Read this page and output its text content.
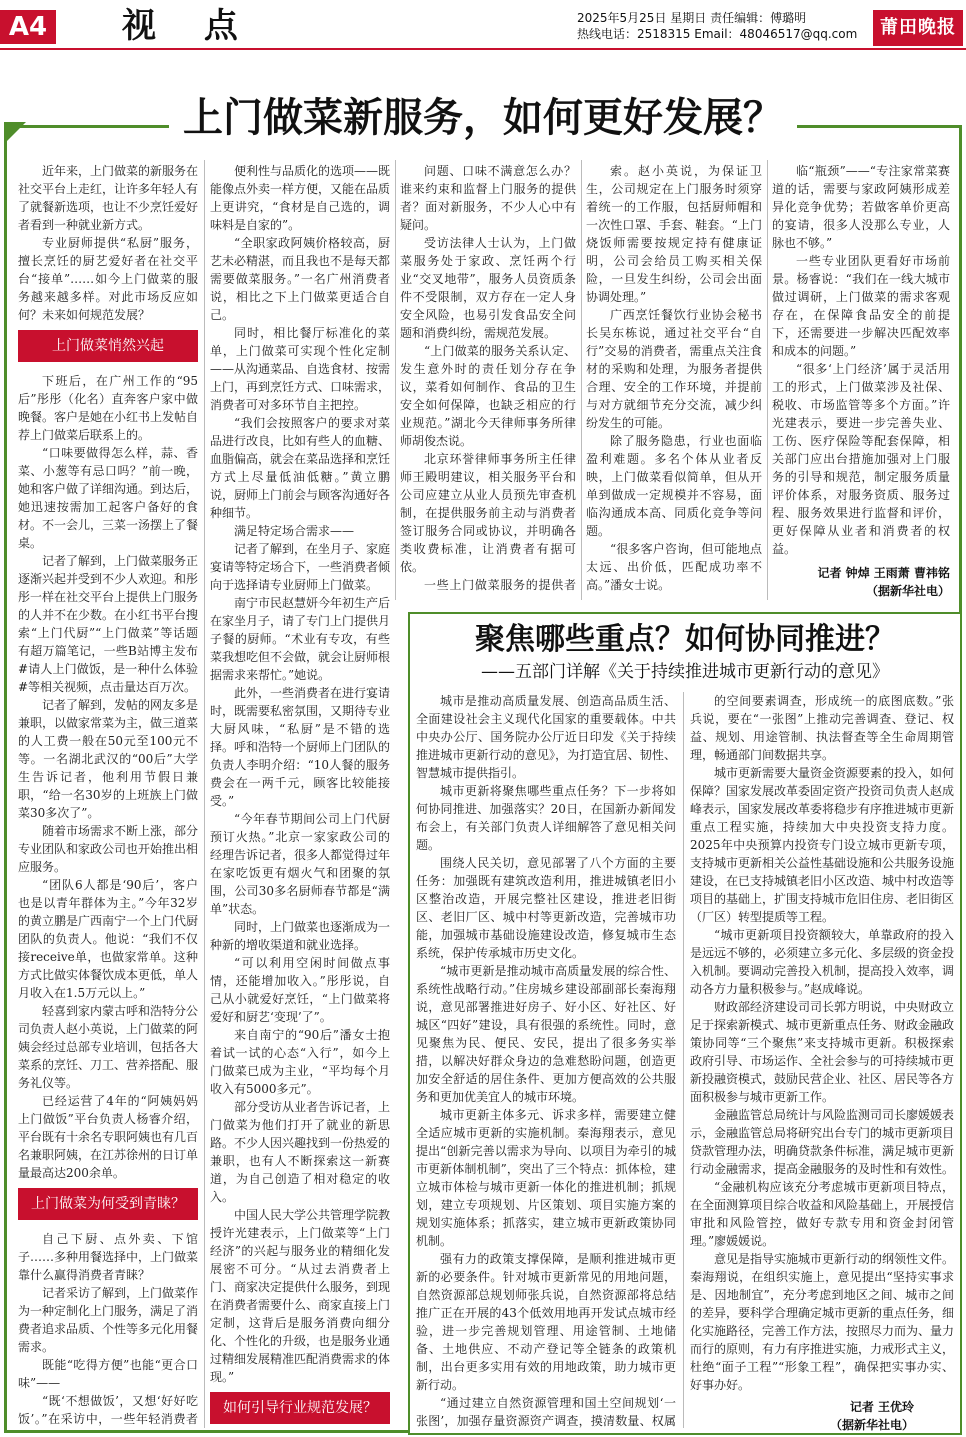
A4 视 点	2025年5月25日 星期日 责任编辑：傅璐明
热线电话：2518315 Email：48046517@qq.com	莆田晚报
上门做菜新服务，如何更好发展？

近年来，上门做菜的新服务在社交平台上走红，让许多年轻人有了就餐新选项，也让不少烹饪爱好者看到一种就业新方式。

专业厨师提供“私厨”服务，擅长烹饪的厨艺爱好者在社交平台“接单”……如今上门做菜的服务越来越多样。对此市场反应如何？未来如何规范发展？

上门做菜悄然兴起

下班后，在广州工作的“95后”彤彤（化名）直奔客户家中做晚餐。客户是她在小红书上发帖自荐上门做菜后联系上的。

“口味要做得怎么样，蒜、香菜、小葱等有忌口吗？”前一晚，她和客户做了详细沟通。到达后，她迅速按需加工起客户备好的食材。不一会儿，三菜一汤摆上了餐桌。

记者了解到，上门做菜服务正逐渐兴起并受到不少人欢迎。和彤彤一样在社交平台上提供上门服务的人并不在少数。在小红书平台搜索“上门代厨”“上门做菜”等话题有超万篇笔记，一些B站博主发布#请人上门做饭，是一种什么体验#等相关视频，点击量达百万次。

记者了解到，发帖的网友多是兼职，以做家常菜为主，做三道菜的人工费一般在50元至100元不等。一名湖北武汉的“00后”大学生告诉记者，他利用节假日兼职，“给一名30岁的上班族上门做菜30多次了”。

随着市场需求不断上涨，部分专业团队和家政公司也开始推出相应服务。

“团队6人都是‘90后’，客户也是以青年群体为主。”今年32岁的黄立鹏是广西南宁一个上门代厨团队的负责人。他说：“我们不仅接receive单，也做家常单。这种方式比做实体餐饮成本更低，单人月收入在1.5万元以上。”

轻喜到家内蒙古呼和浩特分公司负责人赵小英说，上门做菜的阿姨会经过总部专业培训，包括各大菜系的烹饪、刀工、营养搭配、服务礼仪等。

已经运营了4年的“阿姨妈妈上门做饭”平台负责人杨睿介绍，平台既有十余名专职阿姨也有几百名兼职阿姨，在江苏徐州的日订单量最高达200余单。

上门做菜为何受到青睐？

自己下厨、点外卖、下馆子……多种用餐选择中，上门做菜靠什么赢得消费者青睐？

记者采访了解到，上门做菜作为一种定制化上门服务，满足了消费者追求品质、个性等多元化用餐需求。

既能“吃得方便”也能“更合口味”——

“既‘不想做饭’，又想‘好好吃饭’。”在采访中，一些年轻消费者

便利性与品质化的选项——既能像点外卖一样方便，又能在品质上更讲究，“食材是自己选的，调味料是自家的”。

“全职家政阿姨价格较高，厨艺未必精湛，而且我也不是每天都需要做菜服务。”一名广州消费者说，相比之下上门做菜更适合自己。

同时，相比餐厅标准化的菜单，上门做菜可实现个性化定制——从沟通菜品、自选食材、按需上门，再到烹饪方式、口味需求，消费者可对多环节自主把控。

“我们会按照客户的要求对菜品进行改良，比如有些人的血糖、血脂偏高，就会在菜品选择和烹饪方式上尽量低油低糖。”黄立鹏说，厨师上门前会与顾客沟通好各种细节。

满足特定场合需求——

记者了解到，在坐月子、家庭宴请等特定场合下，一些消费者倾向于选择请专业厨师上门做菜。

南宁市民赵慧妍今年初生产后在家坐月子，请了专门上门提供月子餐的厨师。“术业有专攻，有些菜我想吃但不会做，就会让厨师根据需求来帮忙。”她说。

此外，一些消费者在进行宴请时，既需要私密氛围，又期待专业大厨风味，“私厨”是不错的选择。呼和浩特一个厨师上门团队的负责人李明介绍：“10人餐的服务费会在一两千元，顾客比较能接受。”

“今年春节期间公司上门代厨预订火热。”北京一家家政公司的经理告诉记者，很多人都觉得过年在家吃饭更有烟火气和团聚的氛围，公司30多名厨师春节都是“满单”状态。

同时，上门做菜也逐渐成为一种新的增收渠道和就业选择。

“可以利用空闲时间做点事情，还能增加收入。”彤彤说，自己从小就爱好烹饪，“上门做菜将爱好和厨艺‘变现’了”。

来自南宁的“90后”潘女士抱着试一试的心态“入行”，如今上门做菜已成为主业，“平均每个月收入有5000多元”。

部分受访从业者告诉记者，上门做菜为他们打开了就业的新思路。不少人因兴趣找到一份热爱的兼职，也有人不断探索这一新赛道，为自己创造了相对稳定的收入。

中国人民大学公共管理学院教授许光建表示，上门做菜等“上门经济”的兴起与服务业的精细化发展密不可分。“从过去消费者上门、商家决定提供什么服务，到现在消费者需要什么、商家直接上门定制，这背后是服务消费向细分化、个性化的升级，也是服务业通过精细发展精准匹配消费需求的体现。”

如何引导行业规范发展？

问题、口味不满意怎么办？谁来约束和监督上门服务的提供者？面对新服务，不少人心中有疑问。

受访法律人士认为，上门做菜服务处于家政、烹饪两个行业“交叉地带”，服务人员资质条件不受限制，双方存在一定人身安全风险，也易引发食品安全问题和消费纠纷，需规范发展。

“上门做菜的服务关系认定、发生意外时的责任划分存在争议，菜肴如何制作、食品的卫生安全如何保障，也缺乏相应的行业规范。”湖北今天律师事务所律师胡俊杰说。

北京环誉律师事务所主任律师王殿明建议，相关服务平台和公司应建立从业人员预先审查机制，在提供服务前主动与消费者签订服务合同或协议，并明确各类收费标准，让消费者有据可依。

一些上门做菜服务的提供者

索。赵小英说，为保证卫生，公司规定在上门服务时须穿着统一的工作服，包括厨师帽和一次性口罩、手套、鞋套。“上门烧饭师需要按规定持有健康证明，公司会给员工购买相关保险，一旦发生纠纷，公司会出面协调处理。”

广西烹饪餐饮行业协会秘书长吴东栋说，通过社交平台“自行”交易的消费者，需重点关注食材的采购和处理，为服务者提供合理、安全的工作环境，并提前与对方就细节充分交流，减少纠纷发生的可能。

除了服务隐患，行业也面临盈利难题。多名个体从业者反映，上门做菜看似简单，但从开单到做成一定规模并不容易，面临沟通成本高、同质化竞争等问题。

“很多客户咨询，但可能地点太远、出价低，匹配成功率不高。”潘女士说。

临“瓶颈”——“专注家常菜赛道的话，需要与家政阿姨形成差异化竞争优势；若做客单价更高的宴请，很多人没那么专业，人脉也不够。”

一些专业团队更看好市场前景。杨睿说：“我们在一线大城市做过调研，上门做菜的需求客观存在，在保障食品安全的前提下，还需要进一步解决匹配效率和成本的问题。”

“很多‘上门经济’属于灵活用工的形式，上门做菜涉及社保、税收、市场监管等多个方面。”许光建表示，要进一步完善失业、工伤、医疗保险等配套保障，相关部门应出台措施加强对上门服务的引导和规范，制定服务质量评价体系，对服务资质、服务过程、服务效果进行监督和评价，更好保障从业者和消费者的权益。

记者 钟焯 王雨萧 曹祎铭

（据新华社电）

聚焦哪些重点？如何协同推进？
——五部门详解《关于持续推进城市更新行动的意见》

城市是推动高质量发展、创造高品质生活、全面建设社会主义现代化国家的重要载体。中共中央办公厅、国务院办公厅近日印发《关于持续推进城市更新行动的意见》，为打造宜居、韧性、智慧城市提供指引。

城市更新将聚焦哪些重点任务？下一步将如何协同推进、加强落实？20日，在国新办新闻发布会上，有关部门负责人详细解答了意见相关问题。

围绕人民关切，意见部署了八个方面的主要任务：加强既有建筑改造利用，推进城镇老旧小区整治改造，开展完整社区建设，推进老旧街区、老旧厂区、城中村等更新改造，完善城市功能，加强城市基础设施建设改造，修复城市生态系统，保护传承城市历史文化。

“城市更新是推动城市高质量发展的综合性、系统性战略行动。”住房城乡建设部副部长秦海翔说，意见部署推进好房子、好小区、好社区、好城区“四好”建设，具有很强的系统性。同时，意见聚焦为民、便民、安民，提出了很多务实举措，以解决好群众身边的急难愁盼问题，创造更加安全舒适的居住条件、更加方便高效的公共服务和更加优美宜人的城市环境。

城市更新主体多元、诉求多样，需要建立健全适应城市更新的实施机制。秦海翔表示，意见提出“创新完善以需求为导向、以项目为牵引的城市更新体制机制”，突出了三个特点：抓体检，建立城市体检与城市更新一体化的推进机制；抓规划，建立专项规划、片区策划、项目实施方案的规划实施体系；抓落实，建立城市更新政策协同机制。

强有力的政策支撑保障，是顺利推进城市更新的必要条件。针对城市更新常见的用地问题，自然资源部总规划师张兵说，自然资源部将总结推广正在开展的43个低效用地再开发试点城市经验，进一步完善规划管理、用途管制、土地储备、土地供应、不动产登记等全链条的政策机制，出台更多实用有效的用地政策，助力城市更新行动。

“通过建立自然资源管理和国土空间规划‘一张图’，加强存量资源资产调查，摸清数量、权属

的空间要素调查，形成统一的底图底数。”张兵说，要在“一张图”上推动完善调查、登记、权益、规划、用途管制、执法督查等全生命周期管理，畅通部门间数据共享。

城市更新需要大量资金资源要素的投入，如何保障？国家发展改革委固定资产投资司负责人赵成峰表示，国家发展改革委将稳步有序推进城市更新重点工程实施，持续加大中央投资支持力度。2025年中央预算内投资专门设立城市更新专项，支持城市更新相关公益性基础设施和公共服务设施建设，在已支持城镇老旧小区改造、城中村改造等项目的基础上，扩围支持城市危旧住房、老旧街区（厂区）转型提质等工程。

“城市更新项目投资额较大，单靠政府的投入是远远不够的，必须建立多元化、多层级的资金投入机制。要调动完善投入机制，提高投入效率，调动各方力量积极参与。”赵成峰说。

财政部经济建设司司长郭方明说，中央财政立足于探索新模式、城市更新重点任务、财政金融政策协同等“三个聚焦”来支持城市更新。积极探索政府引导、市场运作、全社会参与的可持续城市更新投融资模式，鼓励民营企业、社区、居民等各方面积极参与城市更新工作。

金融监管总局统计与风险监测司司长廖媛媛表示，金融监管总局将研究出台专门的城市更新项目贷款管理办法，明确贷款条件标准，满足城市更新行动金融需求，提高金融服务的及时性和有效性。

“金融机构应该充分考虑城市更新项目特点，在全面测算项目综合收益和风险基础上，开展授信审批和风险管控，做好专款专用和资金封闭管理。”廖媛媛说。

意见是指导实施城市更新行动的纲领性文件。秦海翔说，在组织实施上，意见提出“坚持实事求是、因地制宜”，充分考虑到地区之间、城市之间的差异，要科学合理确定城市更新的重点任务，细化实施路径，完善工作方法，按照尽力而为、量力而行的原则，有力有序推进实施，力戒形式主义，杜绝“面子工程”“形象工程”，确保把实事办实、好事办好。

记者 王优玲

（据新华社电）
